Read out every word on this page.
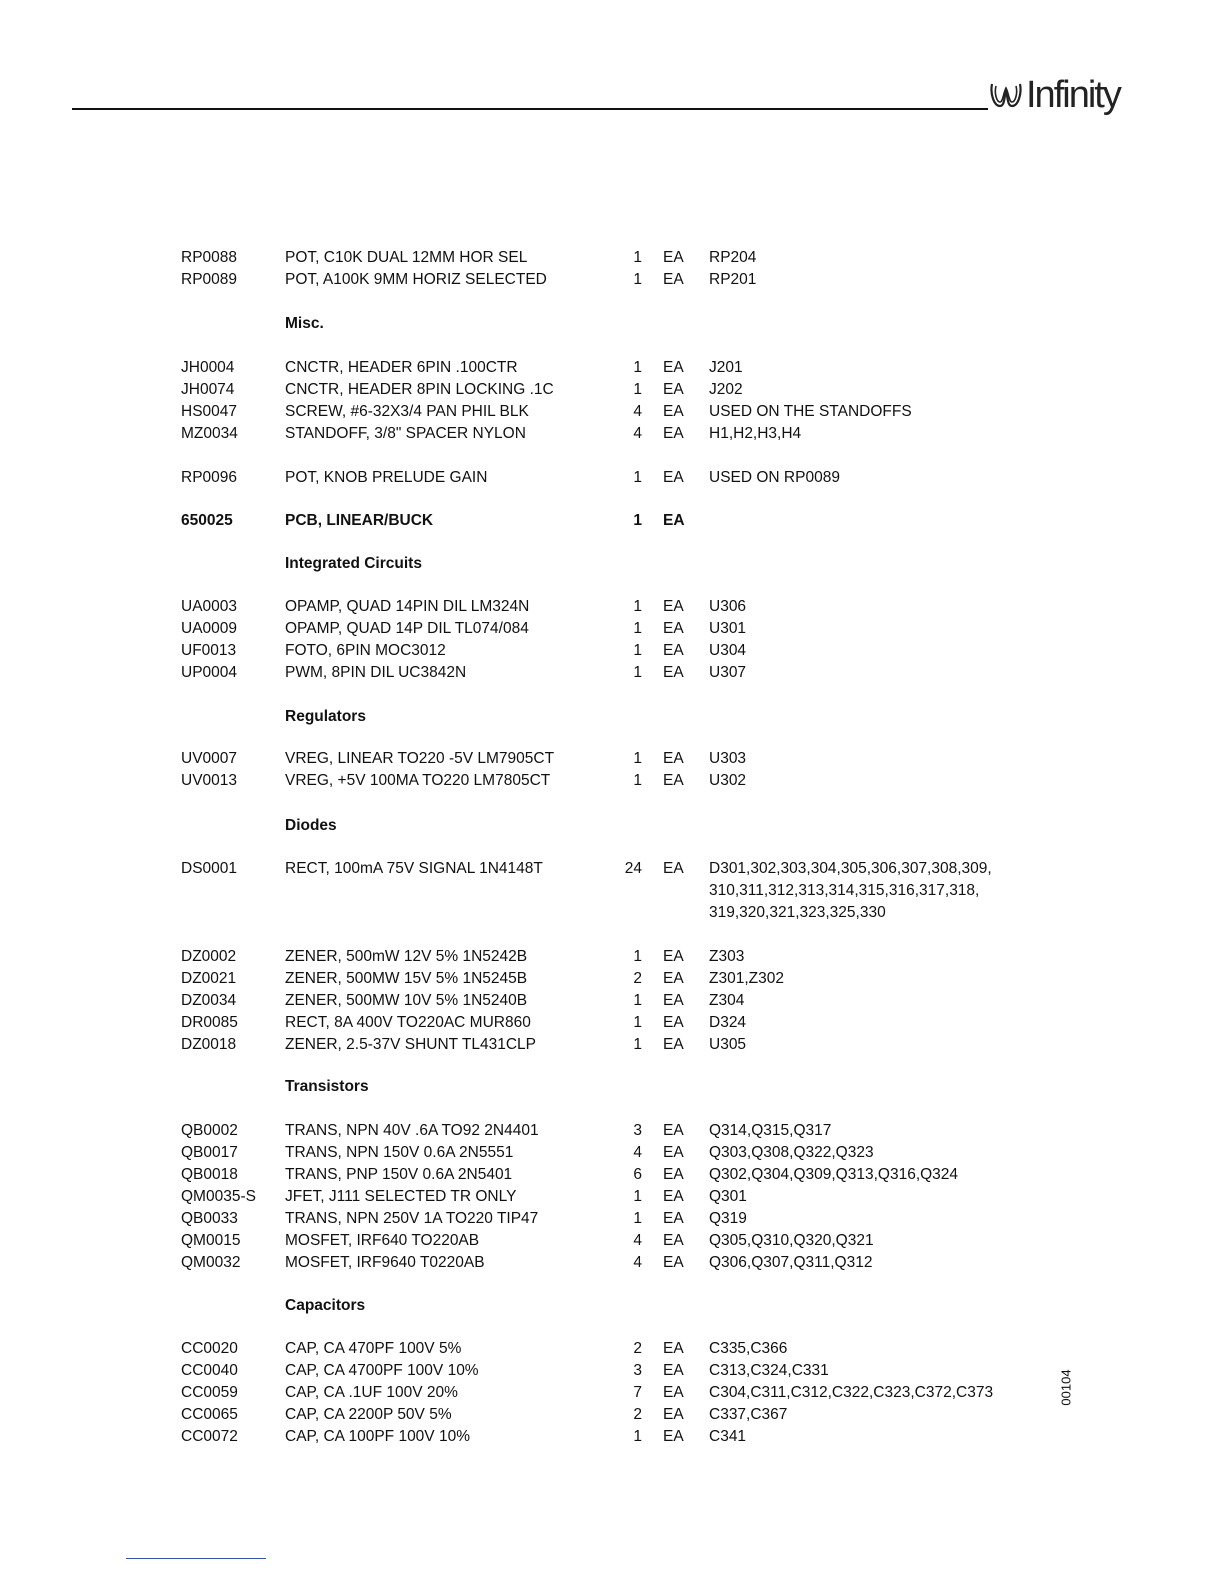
Infinity
RP0088	POT, C10K DUAL 12MM HOR SEL	1 EA RP204
RP0089	POT, A100K 9MM HORIZ SELECTED	1 EA RP201
Misc.
JH0004	CNCTR, HEADER 6PIN .100CTR	1 EA J201
JH0074	CNCTR, HEADER 8PIN LOCKING .1C	1 EA J202
HS0047	SCREW, #6-32X3/4 PAN PHIL BLK	4 EA USED ON THE STANDOFFS
MZ0034	STANDOFF, 3/8" SPACER NYLON	4 EA H1,H2,H3,H4
RP0096	POT, KNOB PRELUDE GAIN	1 EA USED ON RP0089
650025	PCB, LINEAR/BUCK	1 EA
Integrated Circuits
UA0003	OPAMP, QUAD 14PIN DIL LM324N	1 EA U306
UA0009	OPAMP, QUAD 14P DIL TL074/084	1 EA U301
UF0013	FOTO, 6PIN MOC3012	1 EA U304
UP0004	PWM, 8PIN DIL UC3842N	1 EA U307
Regulators
UV0007	VREG, LINEAR TO220 -5V LM7905CT	1 EA U303
UV0013	VREG, +5V 100MA TO220 LM7805CT	1 EA U302
Diodes
DS0001	RECT, 100mA 75V SIGNAL 1N4148T	24 EA D301,302,303,304,305,306,307,308,309,
310,311,312,313,314,315,316,317,318,
319,320,321,323,325,330
DZ0002	ZENER, 500mW 12V 5% 1N5242B	1 EA Z303
DZ0021	ZENER, 500MW 15V 5% 1N5245B	2 EA Z301,Z302
DZ0034	ZENER, 500MW 10V 5% 1N5240B	1 EA Z304
DR0085	RECT, 8A 400V TO220AC MUR860	1 EA D324
DZ0018	ZENER, 2.5-37V SHUNT TL431CLP	1 EA U305
Transistors
QB0002	TRANS, NPN 40V .6A TO92 2N4401	3 EA Q314,Q315,Q317
QB0017	TRANS, NPN 150V 0.6A 2N5551	4 EA Q303,Q308,Q322,Q323
QB0018	TRANS, PNP 150V 0.6A 2N5401	6 EA Q302,Q304,Q309,Q313,Q316,Q324
QM0035-S JFET, J111 SELECTED TR ONLY	1 EA Q301
QB0033	TRANS, NPN 250V 1A TO220 TIP47	1 EA Q319
QM0015	MOSFET, IRF640 TO220AB	4 EA Q305,Q310,Q320,Q321
QM0032	MOSFET, IRF9640 T0220AB	4 EA Q306,Q307,Q311,Q312
Capacitors
CC0020	CAP, CA 470PF 100V 5%	2 EA C335,C366
CC0040	CAP, CA 4700PF 100V 10%	3 EA C313,C324,C331
CC0059	CAP, CA .1UF 100V 20%	7 EA C304,C311,C312,C322,C323,C372,C373
CC0065	CAP, CA 2200P 50V 5%	2 EA C337,C367
CC0072	CAP, CA 100PF 100V 10%	1 EA C341
00104
